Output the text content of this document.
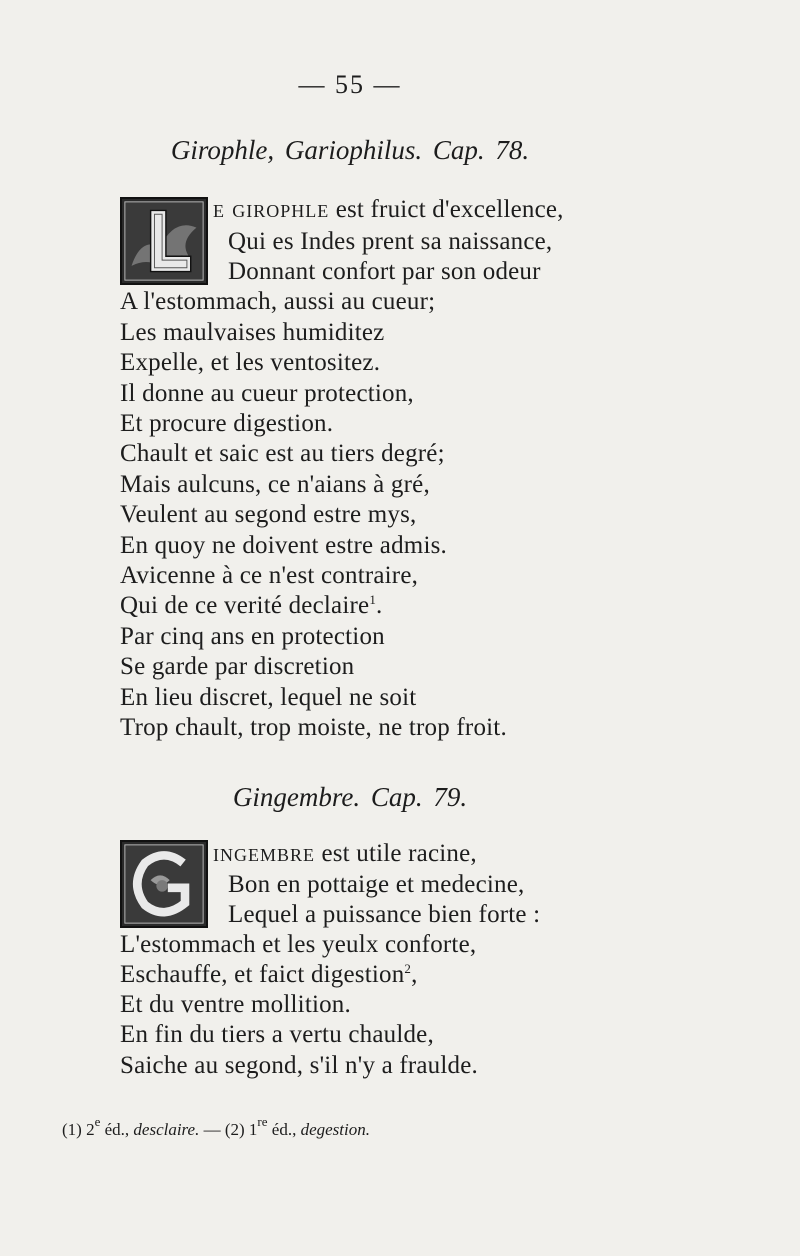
— 55 —
Girophle, Gariophilus. Cap. 78.
e girophle est fruict d'excellence,
Qui es Indes prent sa naissance,
Donnant confort par son odeur
A l'estommach, aussi au cueur;
Les maulvaises humiditez
Expelle, et les ventositez.
Il donne au cueur protection,
Et procure digestion.
Chault et saic est au tiers degré;
Mais aulcuns, ce n'aians à gré,
Veulent au segond estre mys,
En quoy ne doivent estre admis.
Avicenne à ce n'est contraire,
Qui de ce verité declaire$^1$.
Par cinq ans en protection
Se garde par discretion
En lieu discret, lequel ne soit
Trop chault, trop moiste, ne trop froit.
Gingembre. Cap. 79.
ingembre est utile racine,
Bon en pottaige et medecine,
Lequel a puissance bien forte :
L'estommach et les yeulx conforte,
Eschauffe, et faict digestion$^2$,
Et du ventre mollition.
En fin du tiers a vertu chaulde,
Saiche au segond, s'il n'y a fraulde.
(1) 2e éd., desclaire. — (2) 1re éd., degestion.
